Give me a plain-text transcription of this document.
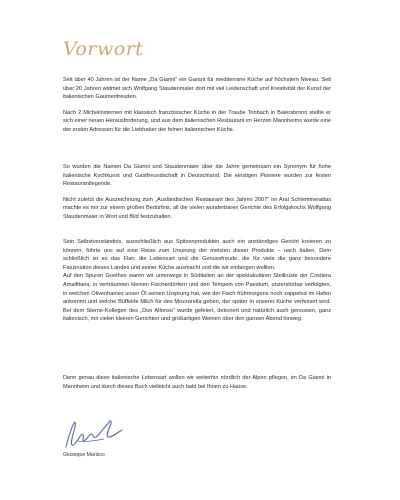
Vorwort

Seit über 40 Jahren ist der Name „Da Gianni“ ein Garant für mediterrane Küche auf höchstem Niveau. Seit über 20 Jahren widmet sich Wolfgang Staudenmaier dort mit viel Leidenschaft und Kreativität der Kunst der italienischen Gaumenfreuden.

Nach 2 Michelinsternen mit klassisch französischer Küche in der Traube Tonbach in Baiersbronn stellte er sich einer neuen Herausforderung, und aus dem italienischen Restaurant im Herzen Mannheims wurde eine der ersten Adressen für die Liebhaber der feinen italienischen Küche.

So wurden die Namen Da Gianni und Staudenmaier über die Jahre gemeinsam ein Synonym für hohe italienische Kochkunst und Gastfreundschaft in Deutschland. Die einstigen Pioniere wurden zur festen Restaurantlegende.

Nicht zuletzt die Auszeichnung zum „Ausländischen Restaurant des Jahres 2007“ im Aral Schlemmeratlas machte es mir zur einem großen Bedürfnis, all die vielen wunderbaren Gerichte des Erfolgskochs Wolfgang Staudenmaier in Wort und Bild festzuhalten.

Sein Selbstverständnis, ausschließlich aus Spitzenprodukten auch ein anständiges Gericht kreieren zu können, führte uns auf eine Reise zum Ursprung der meisten dieser Produkte – nach Italien. Dem schließlich ist es das Flair, die Lebensart und die Genussfreude, die für viele die ganz besondere Faszination dieses Landes und seiner Küche ausmacht und die wir einfangen wollten.

Auf den Spuren Goethes waren wir unterwegs in Süditalien an der spektakulären Steilküste der Costiera Amalfitana, in verträumten kleinen Fischerdörfern und den Tempeln von Paestum, unzerstörbar verfolgten, in welchen Olivenhaines unser Öl seinen Ursprung hat, wie der Fisch frühmorgens noch zappelnd im Hafen ankommt und welche Büffelde Milch für des Mozzarella geben, der später in unserer Küche verfeinert wird. Bei dem Sterne-Kollegen des „Don Alfonso“ wurde gefeiert, dekoriert und natürlich auch genossen, ganz italienisch, mit vielen kleinen Gerichten und großartigen Weinen über den ganzen Abend hinweg.

Denn genau diese italienische Lebensart wollen wir weiterhin nördlich der Alpen pflegen, im Da Gianni in Mannheim und durch dieses Buch vielleicht auch bald bei Ihnen zu Hause.

Giuseppe Marisco
